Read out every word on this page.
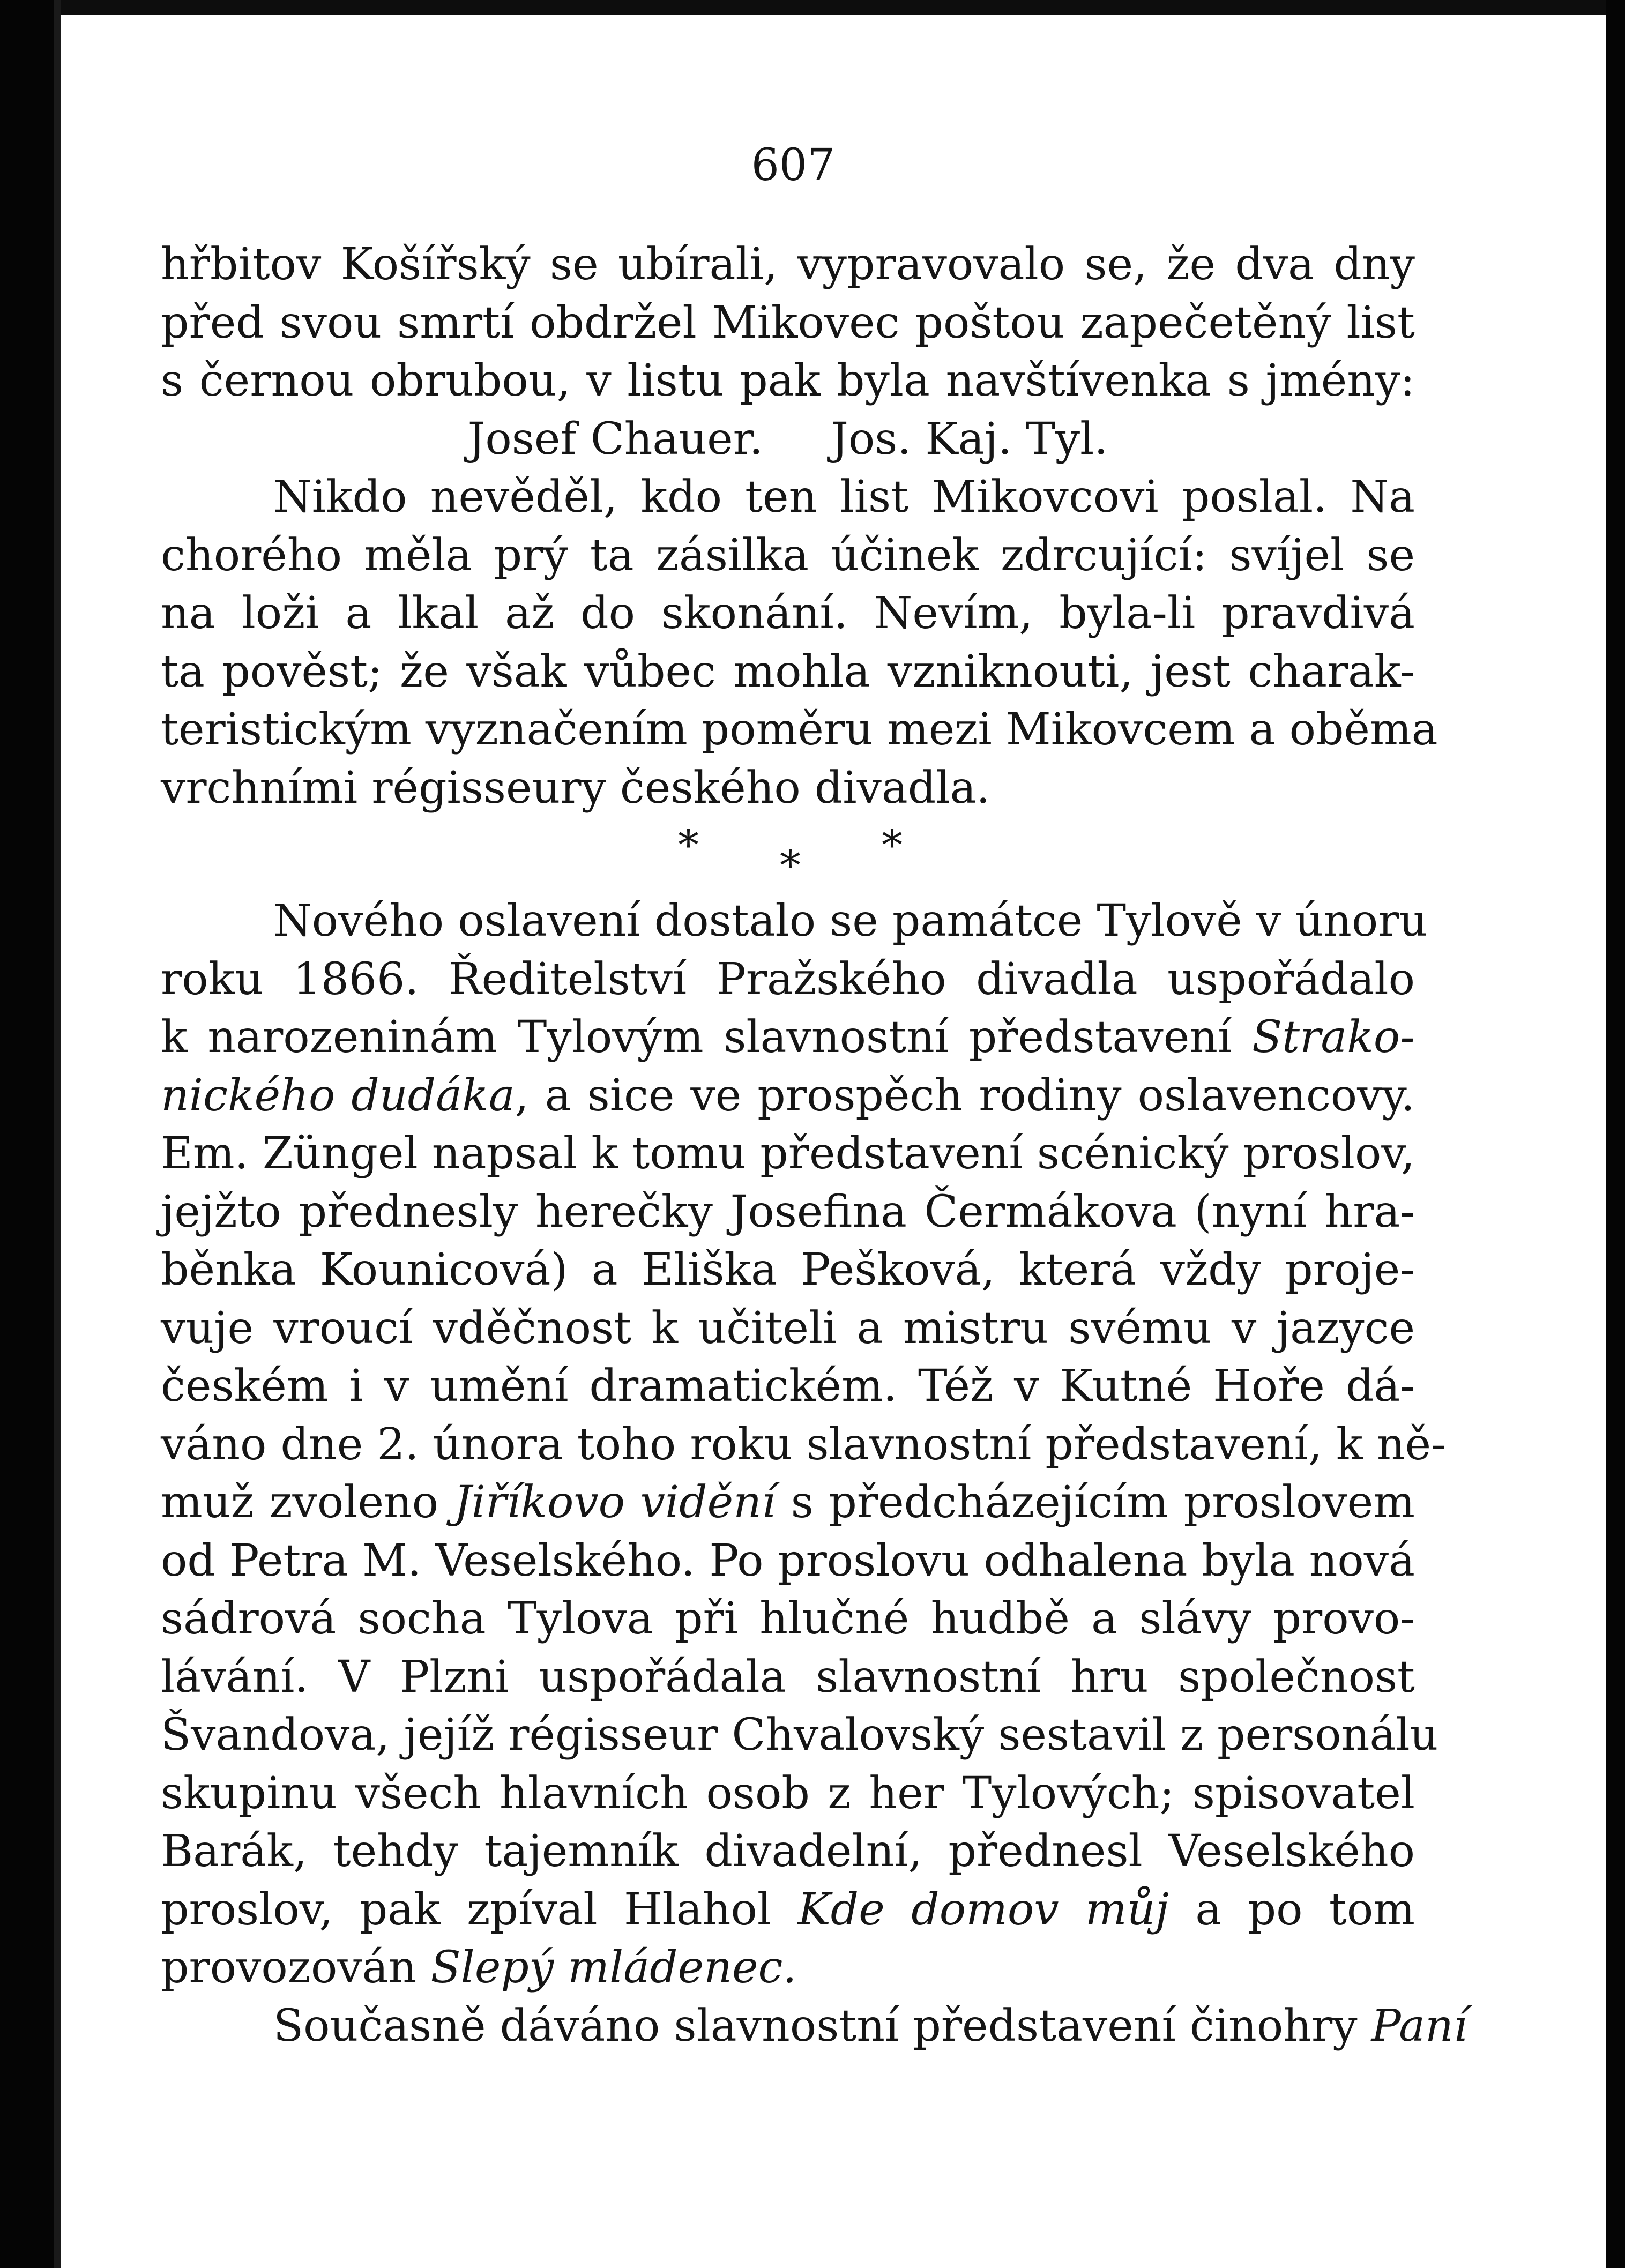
607
hřbitov Košířský se ubírali, vypravovalo se, že dva dny
před svou smrtí obdržel Mikovec poštou zapečetěný list
s černou obrubou, v listu pak byla navštívenka s jmény:
Josef Chauer. Jos. Kaj. Tyl.
Nikdo nevěděl, kdo ten list Mikovcovi poslal. Na
chorého měla prý ta zásilka účinek zdrcující: svíjel se
na loži a lkal až do skonání. Nevím, byla-li pravdivá
ta pověst; že však vůbec mohla vzniknouti, jest charak-
teristickým vyznačením poměru mezi Mikovcem a oběma
vrchními régisseury českého divadla.
* * *
Nového oslavení dostalo se památce Tylově v únoru
roku 1866. Ředitelství Pražského divadla uspořádalo
k narozeninám Tylovým slavnostní představení Strako-
nického dudáka, a sice ve prospěch rodiny oslavencovy.
Em. Züngel napsal k tomu představení scénický proslov,
jejžto přednesly herečky Josefina Čermákova (nyní hra-
běnka Kounicová) a Eliška Pešková, která vždy proje-
vuje vroucí vděčnost k učiteli a mistru svému v jazyce
českém i v umění dramatickém. Též v Kutné Hoře dá-
váno dne 2. února toho roku slavnostní představení, k ně-
muž zvoleno Jiříkovo vidění s předcházejícím proslovem
od Petra M. Veselského. Po proslovu odhalena byla nová
sádrová socha Tylova při hlučné hudbě a slávy provo-
lávání. V Plzni uspořádala slavnostní hru společnost
Švandova, jejíž régisseur Chvalovský sestavil z personálu
skupinu všech hlavních osob z her Tylových; spisovatel
Barák, tehdy tajemník divadelní, přednesl Veselského
proslov, pak zpíval Hlahol Kde domov můj a po tom
provozován Slepý mládenec.
Současně dáváno slavnostní představení činohry Paní
